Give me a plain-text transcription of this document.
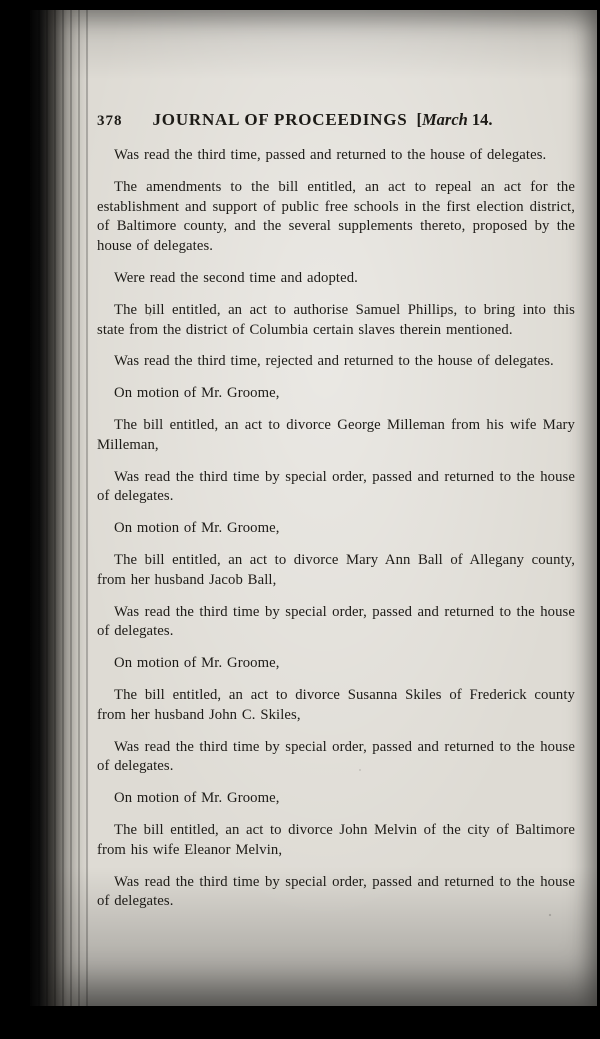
378 JOURNAL OF PROCEEDINGS [March 14.

Was read the third time, passed and returned to the house of delegates.

The amendments to the bill entitled, an act to repeal an act for the establishment and support of public free schools in the first election district, of Baltimore county, and the several supplements thereto, proposed by the house of delegates.

Were read the second time and adopted.

The bill entitled, an act to authorise Samuel Phillips, to bring into this state from the district of Columbia certain slaves therein mentioned.

Was read the third time, rejected and returned to the house of delegates.

On motion of Mr. Groome,

The bill entitled, an act to divorce George Milleman from his wife Mary Milleman,

Was read the third time by special order, passed and returned to the house of delegates.

On motion of Mr. Groome,

The bill entitled, an act to divorce Mary Ann Ball of Allegany county, from her husband Jacob Ball,

Was read the third time by special order, passed and returned to the house of delegates.

On motion of Mr. Groome,

The bill entitled, an act to divorce Susanna Skiles of Frederick county from her husband John C. Skiles,

Was read the third time by special order, passed and returned to the house of delegates.

On motion of Mr. Groome,

The bill entitled, an act to divorce John Melvin of the city of Baltimore from his wife Eleanor Melvin,

Was read the third time by special order, passed and returned to the house of delegates.
